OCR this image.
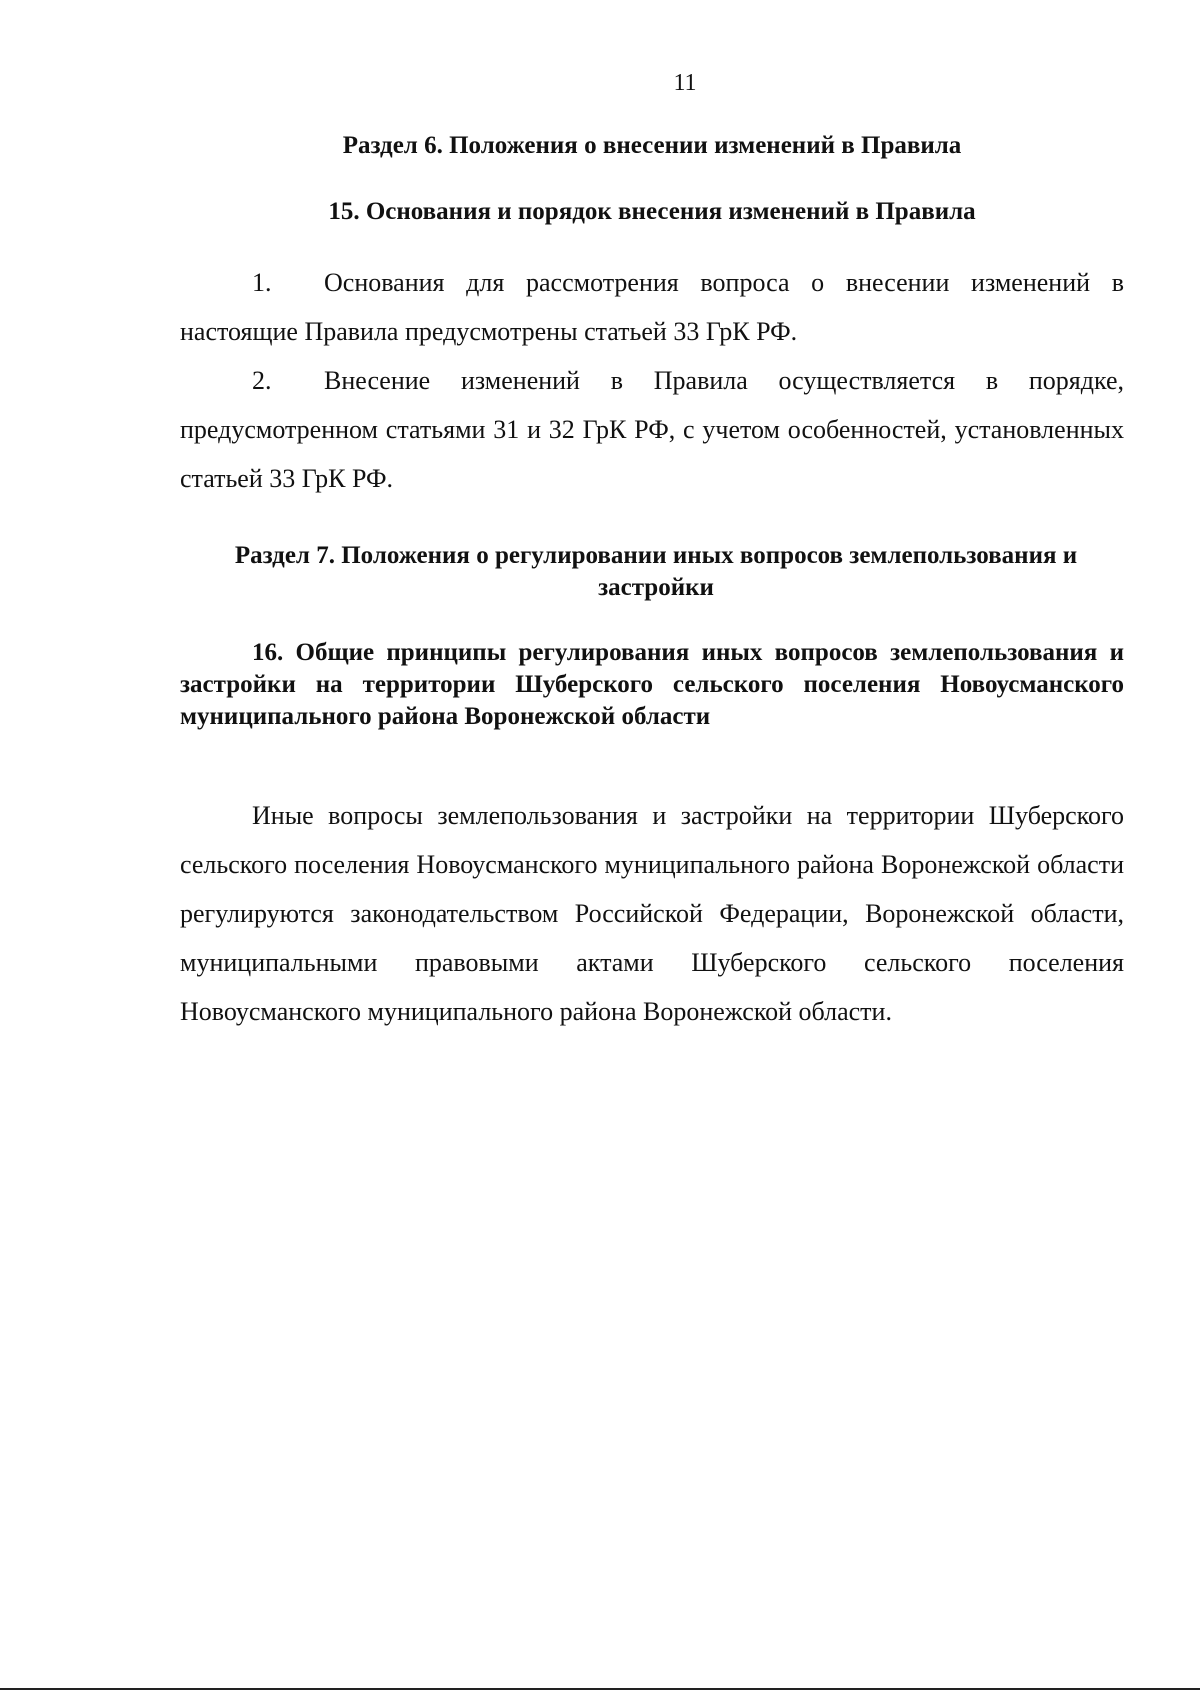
11
Раздел 6. Положения о внесении изменений в Правила
15. Основания и порядок внесения изменений в Правила

1. Основания для рассмотрения вопроса о внесении изменений в настоящие Правила предусмотрены статьей 33 ГрК РФ.

2. Внесение изменений в Правила осуществляется в порядке, предусмотренном статьями 31 и 32 ГрК РФ, с учетом особенностей, установленных статьей 33 ГрК РФ.

Раздел 7. Положения о регулировании иных вопросов землепользования и застройки
16. Общие принципы регулирования иных вопросов землепользования и застройки на территории Шуберского сельского поселения Новоусманского муниципального района Воронежской области

Иные вопросы землепользования и застройки на территории Шуберского сельского поселения Новоусманского муниципального района Воронежской области регулируются законодательством Российской Федерации, Воронежской области, муниципальными правовыми актами Шуберского сельского поселения Новоусманского муниципального района Воронежской области.
